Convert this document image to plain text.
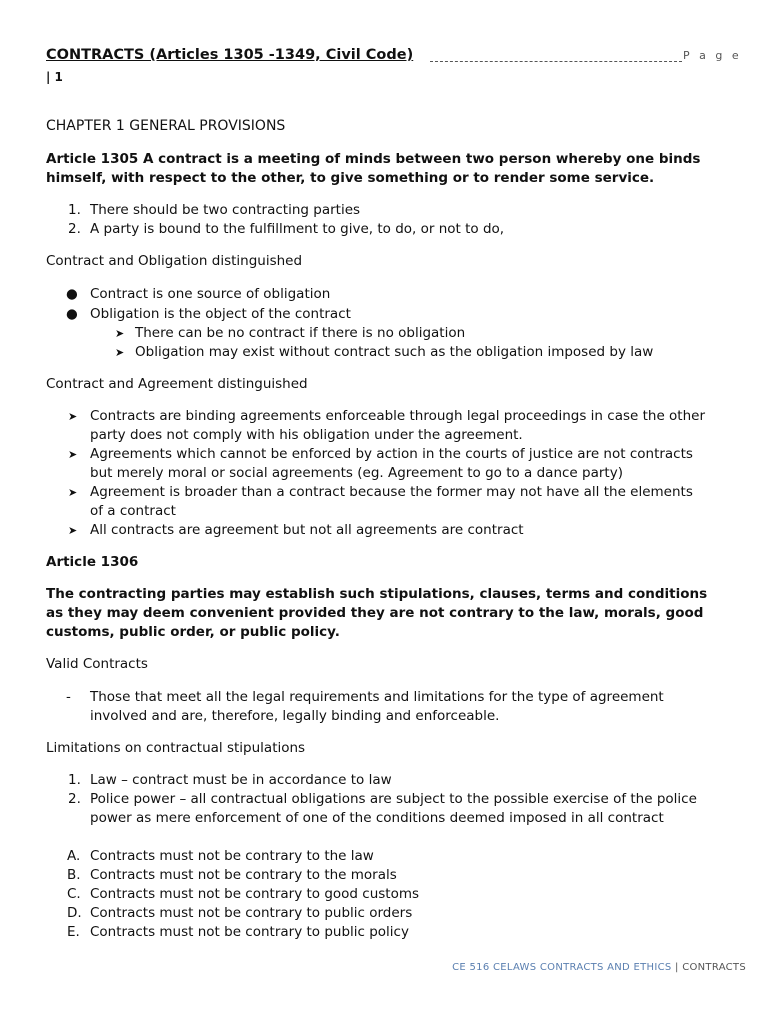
CONTRACTS (Articles 1305 -1349, Civil Code)	P a g e
| 1
CHAPTER 1 GENERAL PROVISIONS
Article 1305 A contract is a meeting of minds between two person whereby one binds
himself, with respect to the other, to give something or to render some service.
1. There should be two contracting parties
2. A party is bound to the fulfillment to give, to do, or not to do,
Contract and Obligation distinguished
● Contract is one source of obligation
● Obligation is the object of the contract
➤ There can be no contract if there is no obligation
➤ Obligation may exist without contract such as the obligation imposed by law
Contract and Agreement distinguished
➤ Contracts are binding agreements enforceable through legal proceedings in case the other
party does not comply with his obligation under the agreement.
➤ Agreements which cannot be enforced by action in the courts of justice are not contracts
but merely moral or social agreements (eg. Agreement to go to a dance party)
➤ Agreement is broader than a contract because the former may not have all the elements
of a contract
➤ All contracts are agreement but not all agreements are contract
Article 1306
The contracting parties may establish such stipulations, clauses, terms and conditions
as they may deem convenient provided they are not contrary to the law, morals, good
customs, public order, or public policy.
Valid Contracts
- Those that meet all the legal requirements and limitations for the type of agreement
involved and are, therefore, legally binding and enforceable.
Limitations on contractual stipulations
1. Law – contract must be in accordance to law
2. Police power – all contractual obligations are subject to the possible exercise of the police
power as mere enforcement of one of the conditions deemed imposed in all contract
A. Contracts must not be contrary to the law
B. Contracts must not be contrary to the morals
C. Contracts must not be contrary to good customs
D. Contracts must not be contrary to public orders
E. Contracts must not be contrary to public policy
CE 516 CELAWS CONTRACTS AND ETHICS | CONTRACTS
